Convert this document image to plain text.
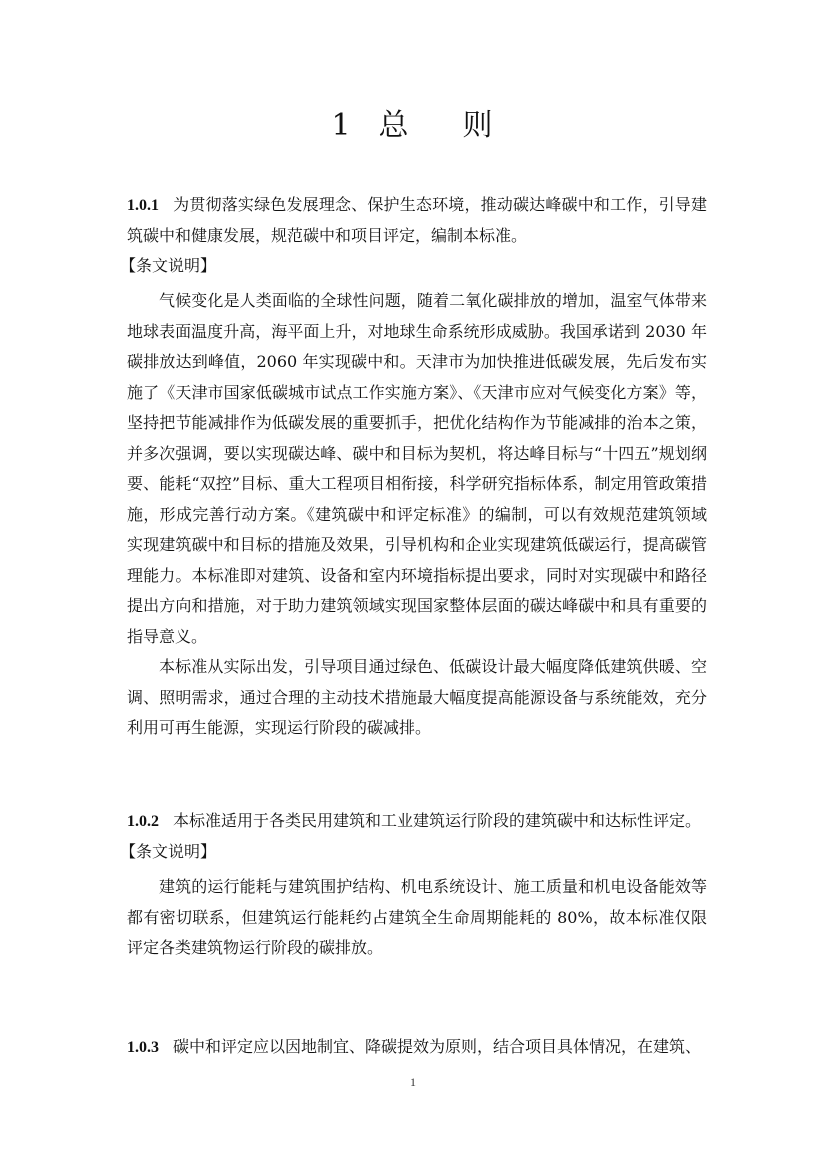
1 总 则
1.0.1 为贯彻落实绿色发展理念、保护生态环境，推动碳达峰碳中和工作，引导建筑碳中和健康发展，规范碳中和项目评定，编制本标准。
【条文说明】

气候变化是人类面临的全球性问题，随着二氧化碳排放的增加，温室气体带来地球表面温度升高，海平面上升，对地球生命系统形成威胁。我国承诺到 2030 年碳排放达到峰值，2060 年实现碳中和。天津市为加快推进低碳发展，先后发布实施了《天津市国家低碳城市试点工作实施方案》、《天津市应对气候变化方案》等，坚持把节能减排作为低碳发展的重要抓手，把优化结构作为节能减排的治本之策，并多次强调，要以实现碳达峰、碳中和目标为契机，将达峰目标与“十四五”规划纲要、能耗“双控”目标、重大工程项目相衔接，科学研究指标体系，制定用管政策措施，形成完善行动方案。《建筑碳中和评定标准》的编制，可以有效规范建筑领域实现建筑碳中和目标的措施及效果，引导机构和企业实现建筑低碳运行，提高碳管理能力。本标准即对建筑、设备和室内环境指标提出要求，同时对实现碳中和路径提出方向和措施，对于助力建筑领域实现国家整体层面的碳达峰碳中和具有重要的指导意义。

本标准从实际出发，引导项目通过绿色、低碳设计最大幅度降低建筑供暖、空调、照明需求，通过合理的主动技术措施最大幅度提高能源设备与系统能效，充分利用可再生能源，实现运行阶段的碳减排。

1.0.2 本标准适用于各类民用建筑和工业建筑运行阶段的建筑碳中和达标性评定。
【条文说明】

建筑的运行能耗与建筑围护结构、机电系统设计、施工质量和机电设备能效等都有密切联系，但建筑运行能耗约占建筑全生命周期能耗的 80%，故本标准仅限评定各类建筑物运行阶段的碳排放。

1.0.3 碳中和评定应以因地制宜、降碳提效为原则，结合项目具体情况，在建筑、
1
